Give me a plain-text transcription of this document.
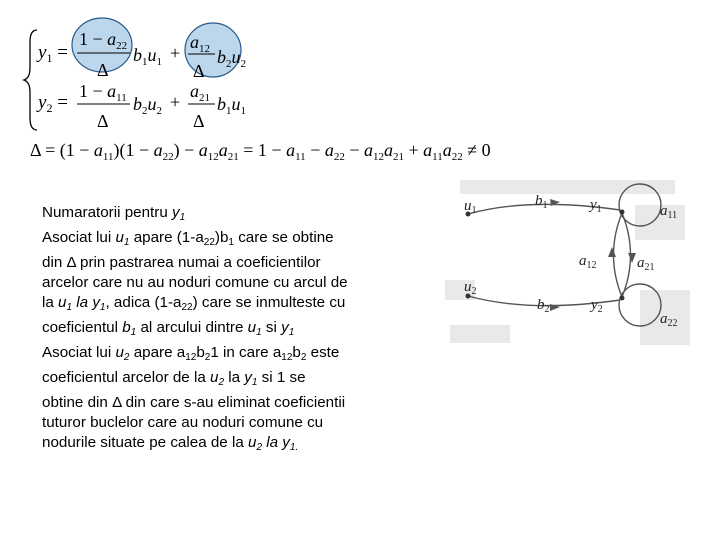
$y_1$ =
$1 - a_{22}$
Δ
$b_1u_1$ +
$a_{12}$
Δ
$b_2u_2$
$y_2$ =
$1 - a_{11}$
Δ
$b_2u_2$ +
$a_{21}$
Δ
$b_1u_1$
$\Delta = (1 - a_{11})(1 - a_{22}) - a_{12}a_{21} = 1 - a_{11} - a_{22} - a_{12}a_{21} + a_{11}a_{22} \ne 0$

Numaratorii pentru $y_1$

Asociat lui $u_1$ apare $(1-a_{22})b_1$ care se obtine

din Δ prin pastrarea numai a coeficientilor

arcelor care nu au noduri comune cu arcul de

la $u_1$ la $y_1$, adica $(1-a_{22})$ care se inmulteste cu

coeficientul $b_1$ al arcului dintre $u_1$ si $y_1$

Asociat lui $u_2$ apare $a_{12}b_21$ in care $a_{12}b_2$ este

coeficientul arcelor de la $u_2$ la $y_1$ si 1 se

obtine din Δ din care s-au eliminat coeficientii

tuturor buclelor care au noduri comune cu

nodurile situate pe calea de la $u_2$ la $y_{1.}$

$u_1$
$b_1$	$y_1$	$a_{11}$
$a_{12}$	$a_{21}$
$u_2$
$b_2$	$y_2$
$a_{22}$
